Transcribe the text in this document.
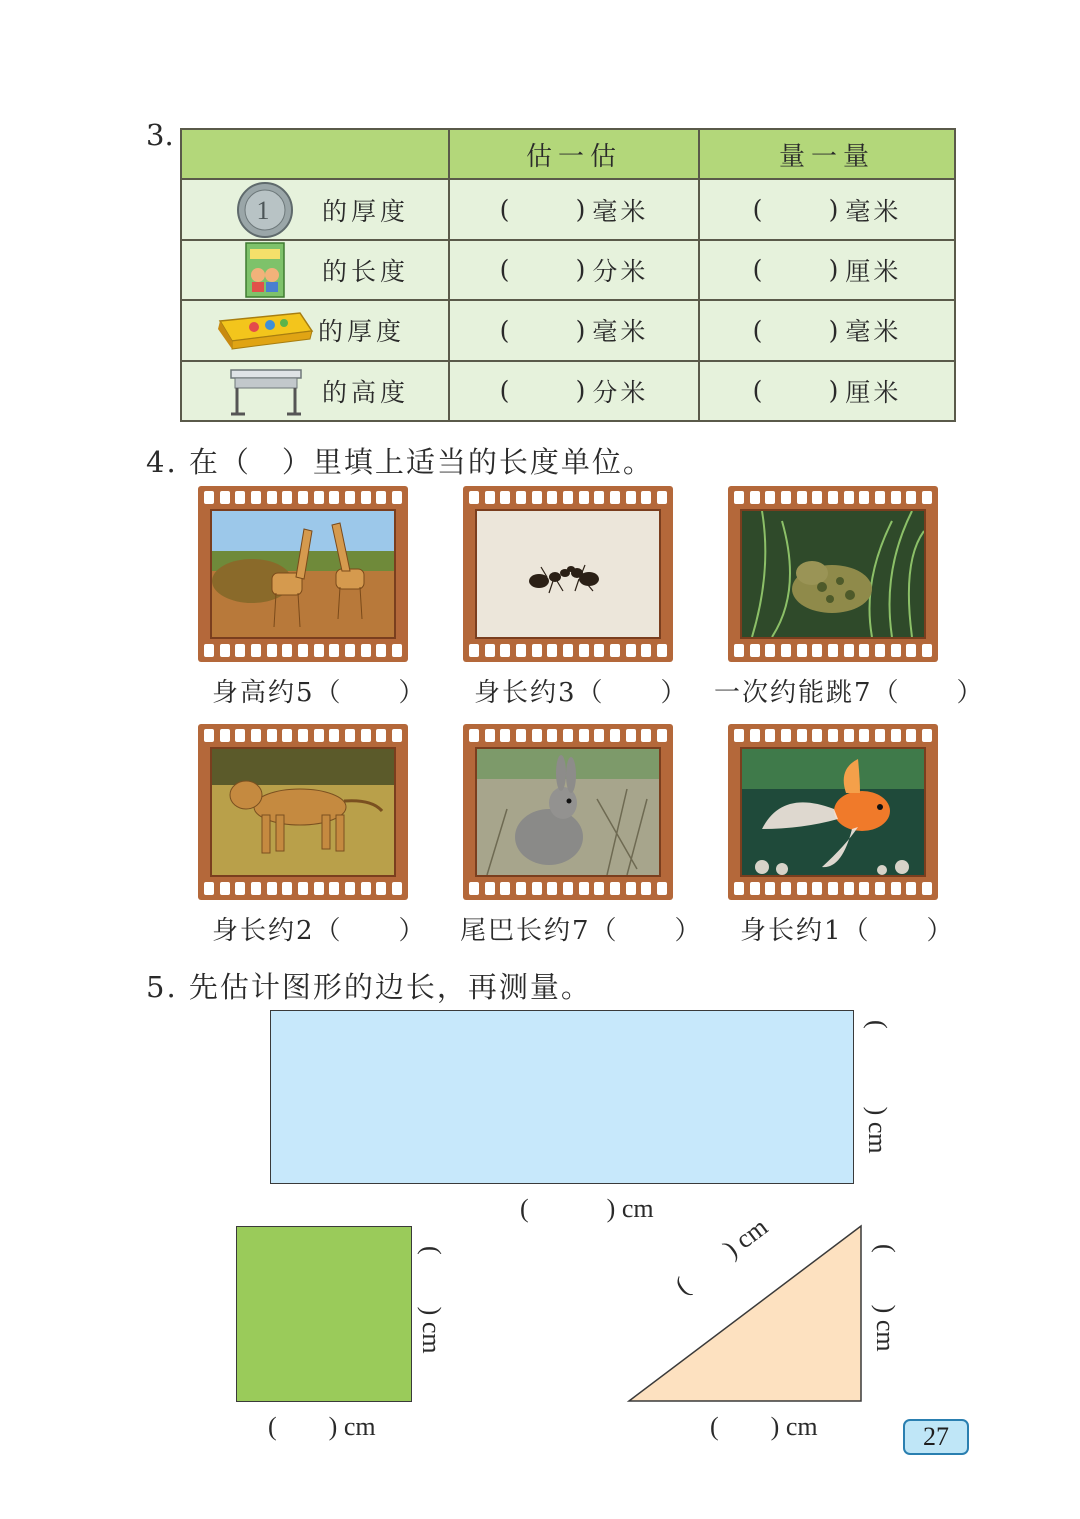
3.
	估一估	量一量

1 的厚度	( ) 毫米	( ) 毫米

的长度	( ) 分米	( ) 厘米

的厚度	( ) 毫米	( ) 毫米

的高度	( ) 分米	( ) 厘米
4. 在（　）里填上适当的长度单位。
身高约5（　　） 身长约3（　　） 一次约能跳7（　　）
身长约2（　　） 尾巴长约7（　　） 身长约1（　　）
5. 先估计图形的边长，再测量。
(　　　) cm
(　　　) cm
(　　) cm
(　　) cm
(　　) cm
(　　) cm
(　　) cm
27
